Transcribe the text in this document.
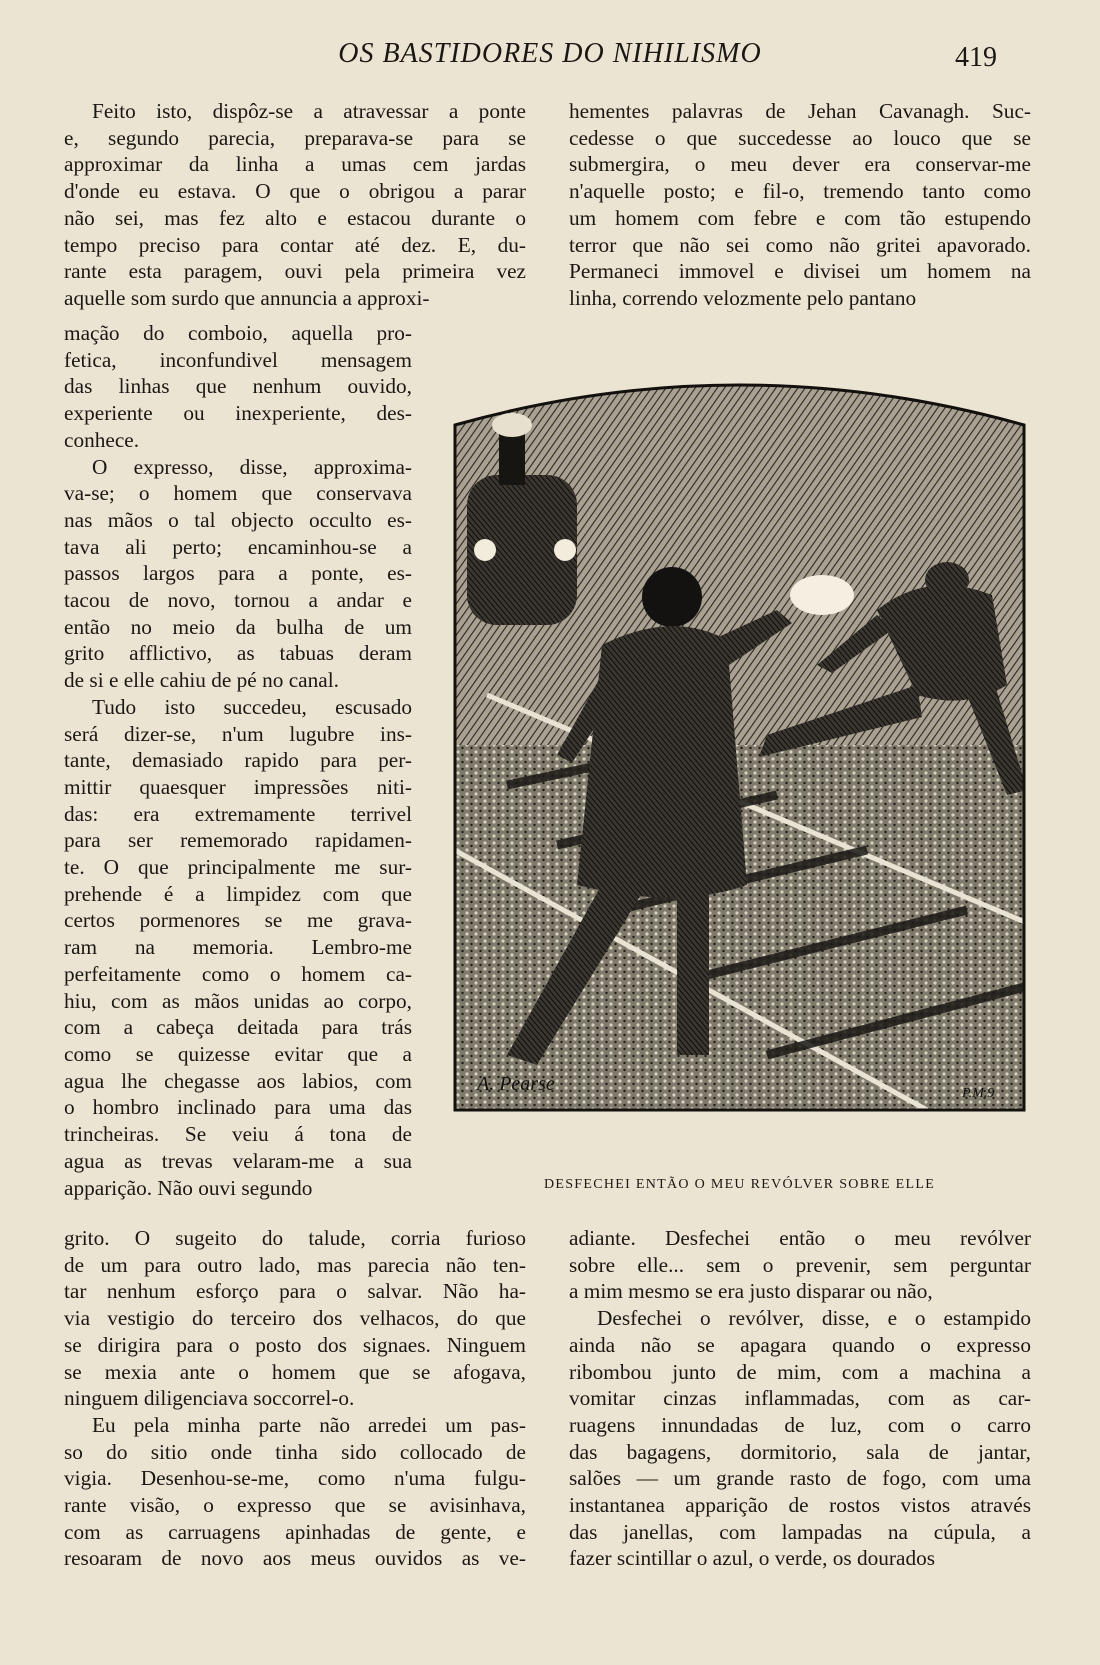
OS BASTIDORES DO NIHILISMO	419

Feito isto, dispôz-se a atravessar a ponte

e, segundo parecia, preparava-se para se

approximar da linha a umas cem jardas

d'onde eu estava. O que o obrigou a parar

não sei, mas fez alto e estacou durante o

tempo preciso para contar até dez. E, du-

rante esta paragem, ouvi pela primeira vez

aquelle som surdo que annuncia a approxi-

mação do comboio, aquella pro-

fetica, inconfundivel mensagem

das linhas que nenhum ouvido,

experiente ou inexperiente, des-

conhece.

O expresso, disse, approxima-

va-se; o homem que conservava

nas mãos o tal objecto occulto es-

tava ali perto; encaminhou-se a

passos largos para a ponte, es-

tacou de novo, tornou a andar e

então no meio da bulha de um

grito afflictivo, as tabuas deram

de si e elle cahiu de pé no canal.

Tudo isto succedeu, escusado

será dizer-se, n'um lugubre ins-

tante, demasiado rapido para per-

mittir quaesquer impressões niti-

das: era extremamente terrivel

para ser rememorado rapidamen-

te. O que principalmente me sur-

prehende é a limpidez com que

certos pormenores se me grava-

ram na memoria. Lembro-me

perfeitamente como o homem ca-

hiu, com as mãos unidas ao corpo,

com a cabeça deitada para trás

como se quizesse evitar que a

agua lhe chegasse aos labios, com

o hombro inclinado para uma das

trincheiras. Se veiu á tona de

agua as trevas velaram-me a sua

apparição. Não ouvi segundo

grito. O sugeito do talude, corria furioso

de um para outro lado, mas parecia não ten-

tar nenhum esforço para o salvar. Não ha-

via vestigio do terceiro dos velhacos, do que

se dirigira para o posto dos signaes. Ninguem

se mexia ante o homem que se afogava,

ninguem diligenciava soccorrel-o.

Eu pela minha parte não arredei um pas-

so do sitio onde tinha sido collocado de

vigia. Desenhou-se-me, como n'uma fulgu-

rante visão, o expresso que se avisinhava,

com as carruagens apinhadas de gente, e

resoaram de novo aos meus ouvidos as ve-

hementes palavras de Jehan Cavanagh. Suc-

cedesse o que succedesse ao louco que se

submergira, o meu dever era conservar-me

n'aquelle posto; e fil-o, tremendo tanto como

um homem com febre e com tão estupendo

terror que não sei como não gritei apavorado.

Permaneci immovel e divisei um homem na

linha, correndo velozmente pelo pantano

adiante. Desfechei então o meu revólver

sobre elle... sem o prevenir, sem perguntar

a mim mesmo se era justo disparar ou não,

Desfechei o revólver, disse, e o estampido

ainda não se apagara quando o expresso

ribombou junto de mim, com a machina a

vomitar cinzas inflammadas, com as car-

ruagens innundadas de luz, com o carro

das bagagens, dormitorio, sala de jantar,

salões — um grande rasto de fogo, com uma

instantanea apparição de rostos vistos através

das janellas, com lampadas na cúpula, a

fazer scintillar o azul, o verde, os dourados

A. Pearse	P.M.9
DESFECHEI ENTÃO O MEU REVÓLVER SOBRE ELLE
